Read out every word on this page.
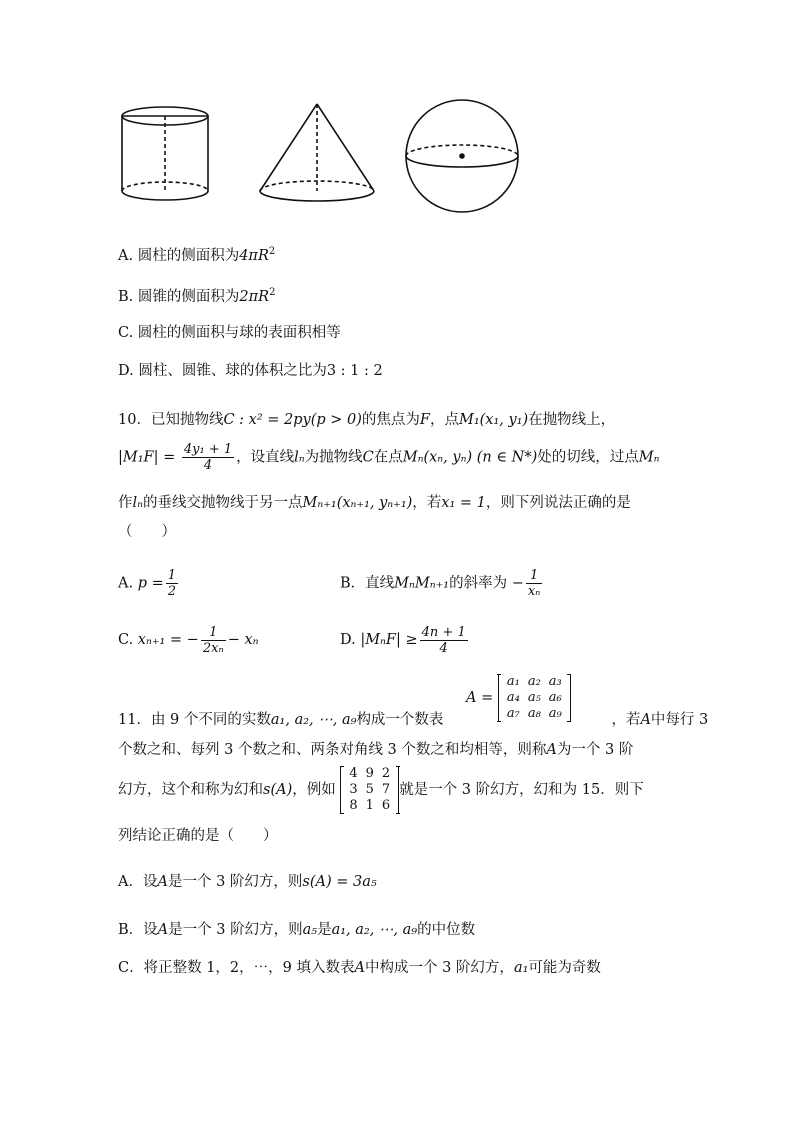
A. 圆柱的侧面积为$4\pi R^2$
B. 圆锥的侧面积为$2\pi R^2$
C. 圆柱的侧面积与球的表面积相等
D. 圆柱、圆锥、球的体积之比为3 : 1 : 2
10．已知抛物线C : x² = 2py(p > 0)的焦点为F，点M₁(x₁, y₁)在抛物线上，
$|M_1F| = \frac{\text{4y₁ + 1}}{4}$ ，设直线lₙ为抛物线C在点Mₙ(xₙ, yₙ) (n ∈ N*)处的切线，过点Mₙ
作lₙ的垂线交抛物线于另一点Mₙ₊₁(xₙ₊₁, yₙ₊₁)，若x₁ = 1，则下列说法正确的是
（　　）
A. $p = \frac{1}{2}$	B．直线MₙMₙ₊₁的斜率为 − $\frac{1}{\text{xₙ}}$
C. xₙ₊₁ = − $\frac{1}{\text{2xₙ}} - x_n$	D. $|M_nF| \ge \frac{4n + 1}{4}$
A =
a₁	a₂	a₃
a₄	a₅	a₆
a₇	a₈	a₉
11．由 9 个不同的实数a₁, a₂, ⋯, a₉构成一个数表	，若A中每行 3
个数之和、每列 3 个数之和、两条对角线 3 个数之和均相等，则称A为一个 3 阶
幻方，这个和称为幻和s(A)，例如
4	9	2
3	5	7
8	1	6
就是一个 3 阶幻方，幻和为 15．则下
列结论正确的是（　　）
A．设A是一个 3 阶幻方，则s(A) = 3a₅
B．设A是一个 3 阶幻方，则a₅是a₁, a₂, ⋯, a₉的中位数
C．将正整数 1，2，⋯，9 填入数表A中构成一个 3 阶幻方，a₁可能为奇数
